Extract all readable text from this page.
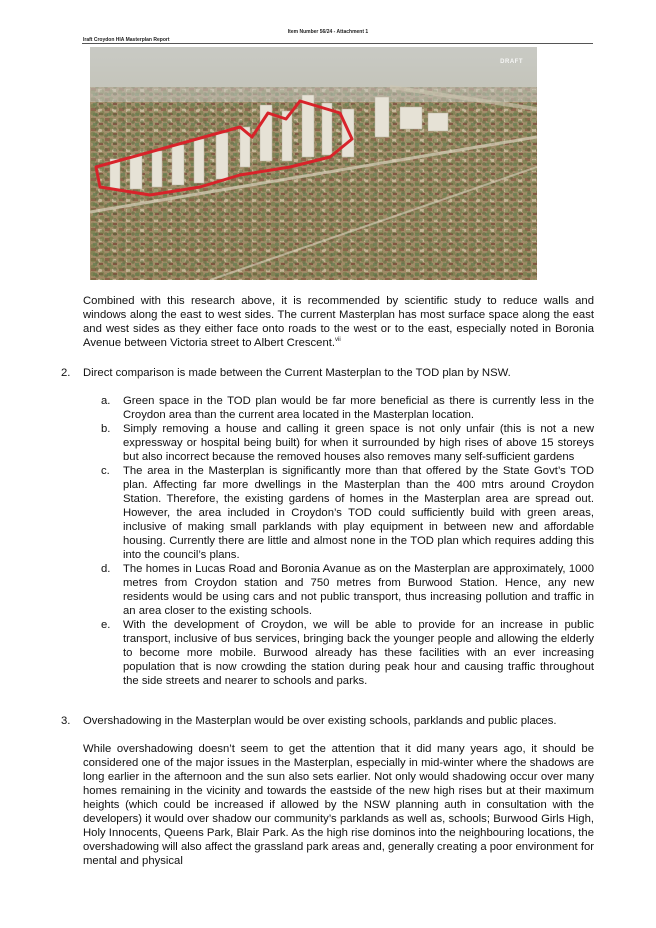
Item Number 56/24 - Attachment 1
Iraft Croydon HIA Masterplan Report
DRAFT
Combined with this research above, it is recommended by scientific study to reduce walls and windows along the east to west sides. The current Masterplan has most surface space along the east and west sides as they either face onto roads to the west or to the east, especially noted in Boronia Avenue between Victoria street to Albert Crescent.$^{vii}$
2. Direct comparison is made between the Current Masterplan to the TOD plan by NSW.
a. Green space in the TOD plan would be far more beneficial as there is currently less in the Croydon area than the current area located in the Masterplan location.
b. Simply removing a house and calling it green space is not only unfair (this is not a new expressway or hospital being built) for when it surrounded by high rises of above 15 storeys but also incorrect because the removed houses also removes many self-sufficient gardens
c. The area in the Masterplan is significantly more than that offered by the State Govt’s TOD plan. Affecting far more dwellings in the Masterplan than the 400 mtrs around Croydon Station. Therefore, the existing gardens of homes in the Masterplan area are spread out. However, the area included in Croydon’s TOD could sufficiently build with green areas, inclusive of making small parklands with play equipment in between new and affordable housing. Currently there are little and almost none in the TOD plan which requires adding this into the council’s plans.
d. The homes in Lucas Road and Boronia Avanue as on the Masterplan are approximately, 1000 metres from Croydon station and 750 metres from Burwood Station. Hence, any new residents would be using cars and not public transport, thus increasing pollution and traffic in an area closer to the existing schools.
e. With the development of Croydon, we will be able to provide for an increase in public transport, inclusive of bus services, bringing back the younger people and allowing the elderly to become more mobile. Burwood already has these facilities with an ever increasing population that is now crowding the station during peak hour and causing traffic throughout the side streets and nearer to schools and parks.
3. Overshadowing in the Masterplan would be over existing schools, parklands and public places.
While overshadowing doesn’t seem to get the attention that it did many years ago, it should be considered one of the major issues in the Masterplan, especially in mid-winter where the shadows are long earlier in the afternoon and the sun also sets earlier. Not only would shadowing occur over many homes remaining in the vicinity and towards the eastside of the new high rises but at their maximum heights (which could be increased if allowed by the NSW planning auth in consultation with the developers) it would over shadow our community’s parklands as well as, schools; Burwood Girls High, Holy Innocents, Queens Park, Blair Park. As the high rise dominos into the neighbouring locations, the overshadowing will also affect the grassland park areas and, generally creating a poor environment for mental and physical
